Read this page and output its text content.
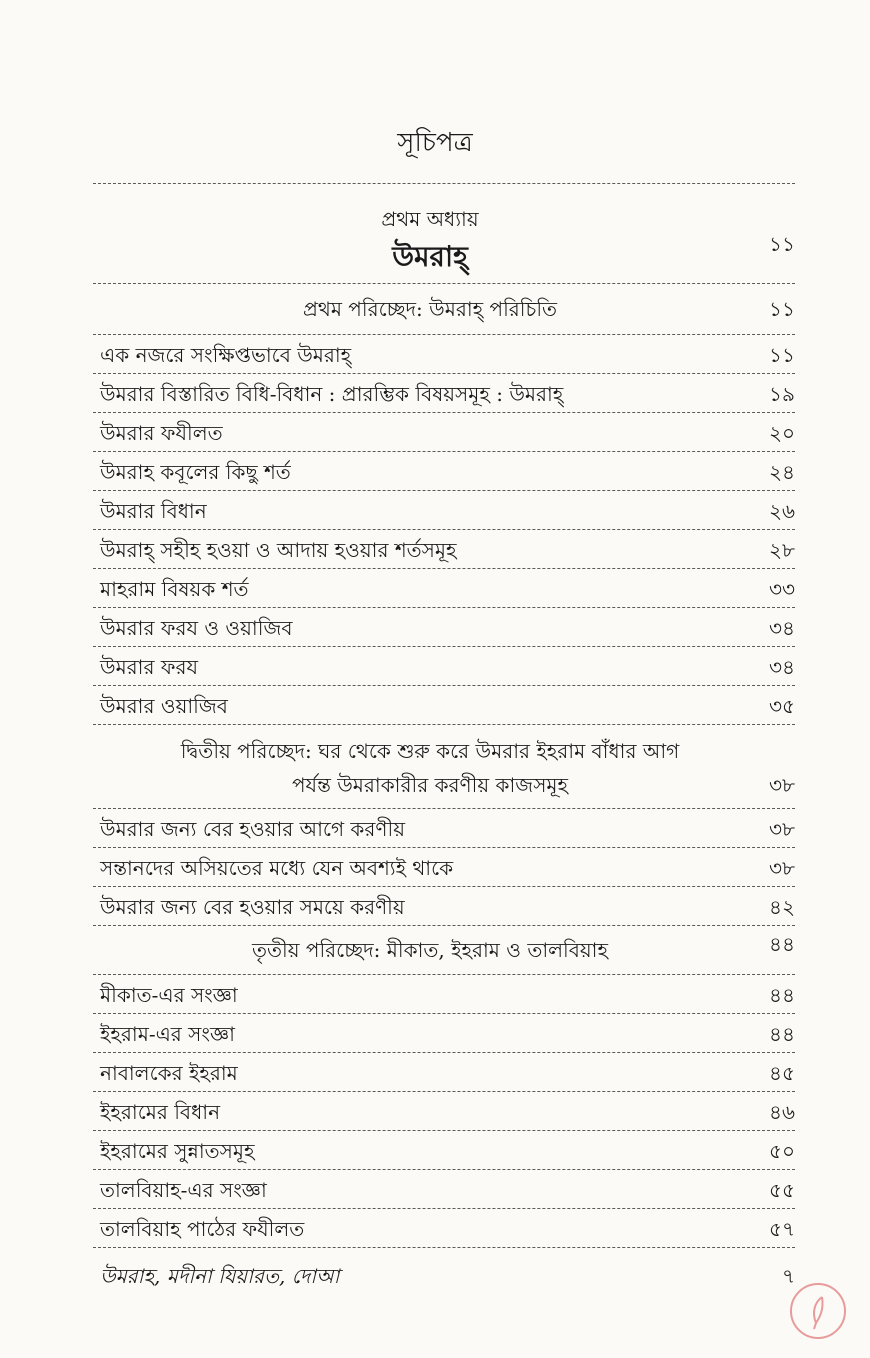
সূচিপত্র
প্রথম অধ্যায়
উমরাহ্	১১
প্রথম পরিচ্ছেদ: উমরাহ্ পরিচিতি	১১
এক নজরে সংক্ষিপ্তভাবে উমরাহ্	১১
উমরার বিস্তারিত বিধি-বিধান : প্রারম্ভিক বিষয়সমূহ : উমরাহ্	১৯
উমরার ফযীলত	২০
উমরাহ কবূলের কিছু শর্ত	২৪
উমরার বিধান	২৬
উমরাহ্ সহীহ হওয়া ও আদায় হওয়ার শর্তসমূহ	২৮
মাহরাম বিষয়ক শর্ত	৩৩
উমরার ফরয ও ওয়াজিব	৩৪
উমরার ফরয	৩৪
উমরার ওয়াজিব	৩৫
দ্বিতীয় পরিচ্ছেদ: ঘর থেকে শুরু করে উমরার ইহরাম বাঁধার আগ
পর্যন্ত উমরাকারীর করণীয় কাজসমূহ	৩৮
উমরার জন্য বের হওয়ার আগে করণীয়	৩৮
সন্তানদের অসিয়তের মধ্যে যেন অবশ্যই থাকে	৩৮
উমরার জন্য বের হওয়ার সময়ে করণীয়	৪২
তৃতীয় পরিচ্ছেদ: মীকাত, ইহরাম ও তালবিয়াহ	৪৪
মীকাত-এর সংজ্ঞা	৪৪
ইহরাম-এর সংজ্ঞা	৪৪
নাবালকের ইহরাম	৪৫
ইহরামের বিধান	৪৬
ইহরামের সুন্নাতসমূহ	৫০
তালবিয়াহ-এর সংজ্ঞা	৫৫
তালবিয়াহ পাঠের ফযীলত	৫৭
উমরাহ, মদীনা যিয়ারত, দোআ	৭
